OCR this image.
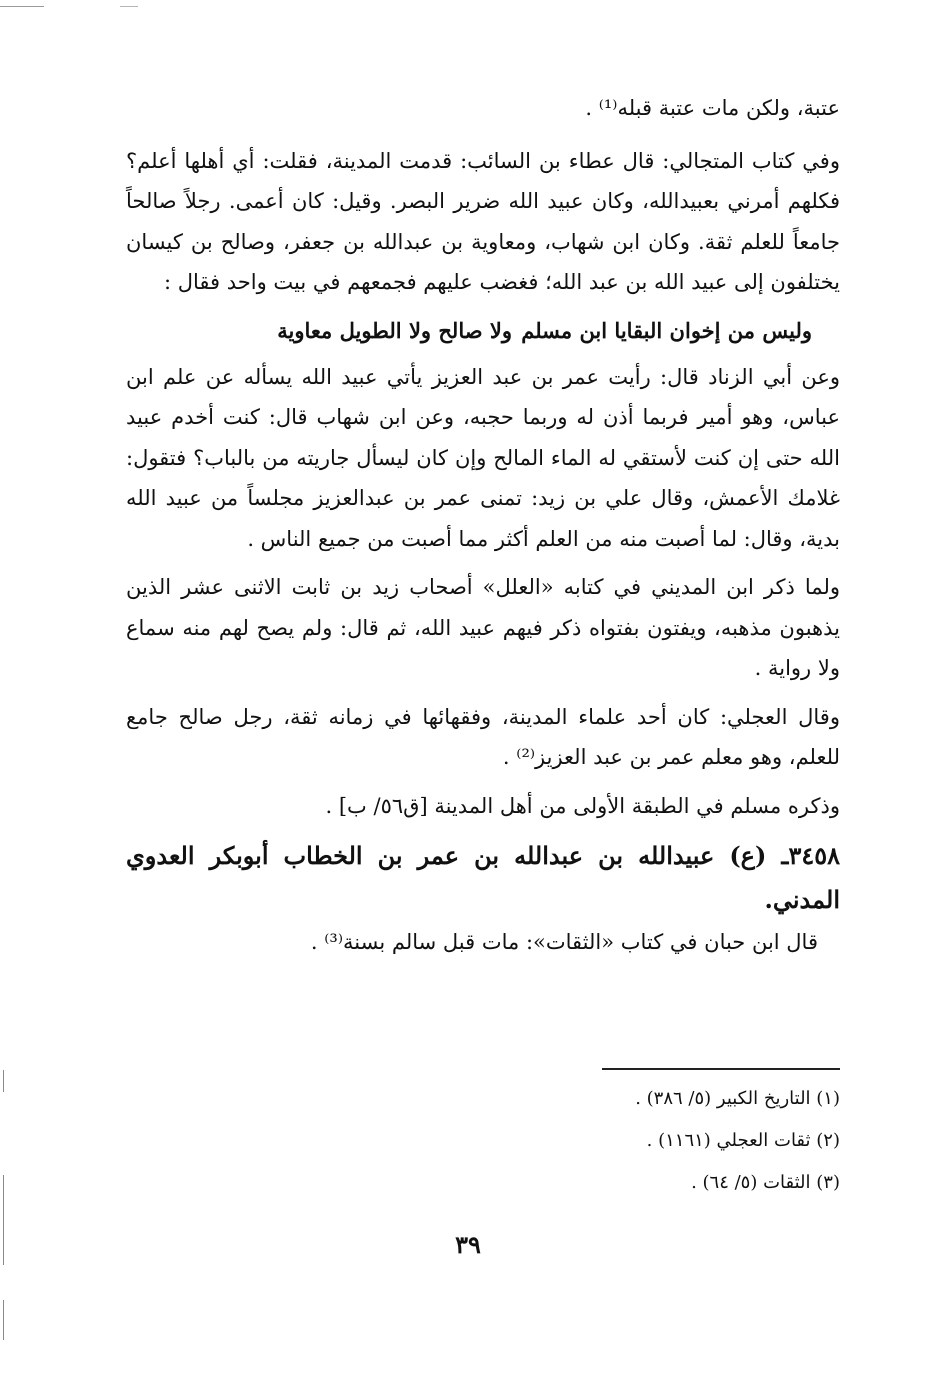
عتبة، ولكن مات عتبة قبله⁽¹⁾ .

وفي كتاب المتجالي: قال عطاء بن السائب: قدمت المدينة، فقلت: أي أهلها أعلم؟ فكلهم أمرني بعبيدالله، وكان عبيد الله ضرير البصر. وقيل: كان أعمى. رجلاً صالحاً جامعاً للعلم ثقة. وكان ابن شهاب، ومعاوية بن عبدالله بن جعفر، وصالح بن كيسان يختلفون إلى عبيد الله بن عبد الله؛ فغضب عليهم فجمعهم في بيت واحد فقال :

وليس من إخوان البقايا ابن مسلم
ولا صالح ولا الطويل معاوية

وعن أبي الزناد قال: رأيت عمر بن عبد العزيز يأتي عبيد الله يسأله عن علم ابن عباس، وهو أمير فربما أذن له وربما حجبه، وعن ابن شهاب قال: كنت أخدم عبيد الله حتى إن كنت لأستقي له الماء المالح وإن كان ليسأل جاريته من بالباب؟ فتقول: غلامك الأعمش، وقال علي بن زيد: تمنى عمر بن عبدالعزيز مجلساً من عبيد الله بدية، وقال: لما أصبت منه من العلم أكثر مما أصبت من جميع الناس .

ولما ذكر ابن المديني في كتابه «العلل» أصحاب زيد بن ثابت الاثنى عشر الذين يذهبون مذهبه، ويفتون بفتواه ذكر فيهم عبيد الله، ثم قال: ولم يصح لهم منه سماع ولا رواية .

وقال العجلي: كان أحد علماء المدينة، وفقهائها في زمانه ثقة، رجل صالح جامع للعلم، وهو معلم عمر بن عبد العزيز⁽²⁾ .

وذكره مسلم في الطبقة الأولى من أهل المدينة [ق٥٦/ ب] .

٣٤٥٨ـ (ع) عبيدالله بن عبدالله بن عمر بن الخطاب أبوبكر العدوي المدني.

قال ابن حبان في كتاب «الثقات»: مات قبل سالم بسنة⁽³⁾ .

(١) التاريخ الكبير (٥/ ٣٨٦) .
(٢) ثقات العجلي (١١٦١) .
(٣) الثقات (٥/ ٦٤) .
٣٩
